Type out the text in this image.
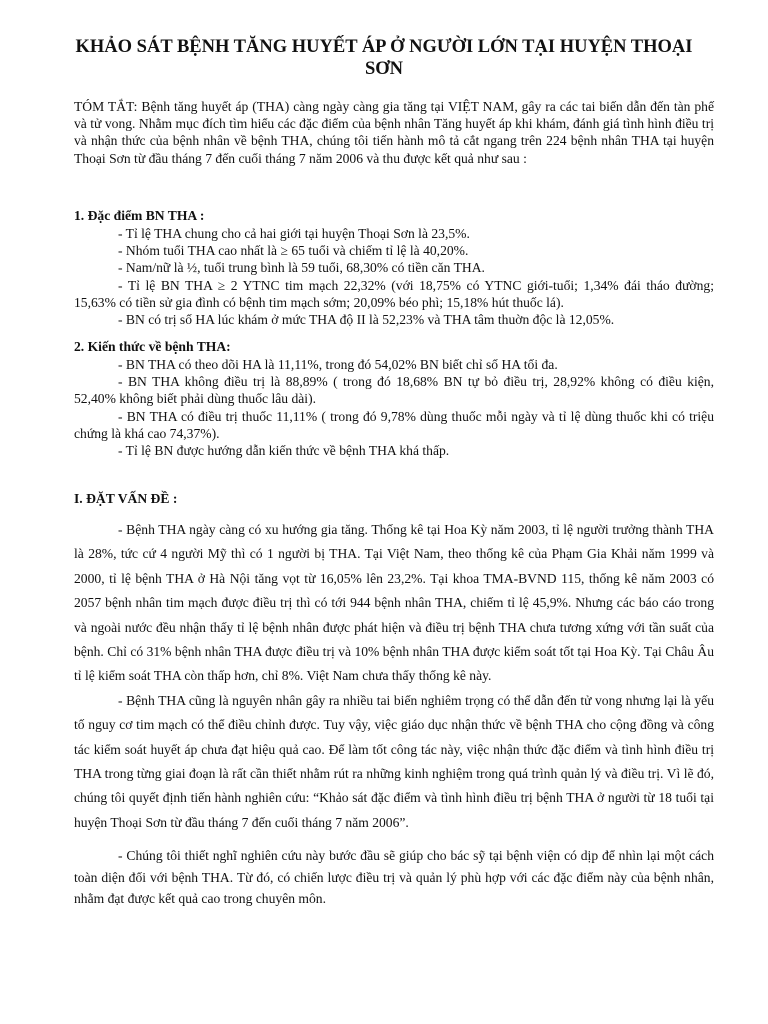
KHẢO SÁT BỆNH TĂNG HUYẾT ÁP Ở NGƯỜI LỚN TẠI HUYỆN THOẠI SƠN

TÓM TẮT: Bệnh tăng huyết áp (THA) càng ngày càng gia tăng tại VIỆT NAM, gây ra các tai biến dẫn đến tàn phế và tử vong. Nhằm mục đích tìm hiểu các đặc điểm của bệnh nhân Tăng huyết áp khi khám, đánh giá tình hình điều trị và nhận thức của bệnh nhân về bệnh THA, chúng tôi tiến hành mô tả cắt ngang trên 224 bệnh nhân THA tại huyện Thoại Sơn từ đầu tháng 7 đến cuối tháng 7 năm 2006 và thu được kết quả như sau :

1. Đặc điểm BN THA :

- Tỉ lệ THA chung cho cả hai giới tại huyện Thoại Sơn là 23,5%.

- Nhóm tuổi THA cao nhất là ≥ 65 tuổi và chiếm tỉ lệ là 40,20%.

- Nam/nữ là ½, tuổi trung bình là 59 tuổi, 68,30% có tiền căn THA.

- Tỉ lệ BN THA ≥ 2 YTNC tim mạch 22,32% (với 18,75% có YTNC giới-tuổi; 1,34% đái tháo đường; 15,63% có tiền sử gia đình có bệnh tim mạch sớm; 20,09% béo phì; 15,18% hút thuốc lá).

- BN có trị số HA lúc khám ở mức THA độ II là 52,23% và THA tâm thuờn độc là 12,05%.

2. Kiến thức về bệnh THA:

- BN THA có theo dõi HA là 11,11%, trong đó 54,02% BN biết chỉ số HA tối đa.

- BN THA không điều trị là 88,89% ( trong đó 18,68% BN tự bỏ điều trị, 28,92% không có điều kiện, 52,40% không biết phải dùng thuốc lâu dài).

- BN THA có điều trị thuốc 11,11% ( trong đó 9,78% dùng thuốc mỗi ngày và tỉ lệ dùng thuốc khi có triệu chứng là khá cao 74,37%).

- Tỉ lệ BN được hướng dẫn kiến thức về bệnh THA khá thấp.

I. ĐẶT VẤN ĐỀ :

- Bệnh THA ngày càng có xu hướng gia tăng. Thống kê tại Hoa Kỳ năm 2003, tỉ lệ người trưởng thành THA là 28%, tức cứ 4 người Mỹ thì có 1 người bị THA. Tại Việt Nam, theo thống kê của Phạm Gia Khải năm 1999 và 2000, tỉ lệ bệnh THA ở Hà Nội tăng vọt từ 16,05% lên 23,2%. Tại khoa TMA-BVND 115, thống kê năm 2003 có 2057 bệnh nhân tim mạch được điều trị thì có tới 944 bệnh nhân THA, chiếm tỉ lệ 45,9%. Nhưng các báo cáo trong và ngoài nước đều nhận thấy tỉ lệ bệnh nhân được phát hiện và điều trị bệnh THA chưa tương xứng với tần suất của bệnh. Chỉ có 31% bệnh nhân THA được điều trị và 10% bệnh nhân THA được kiểm soát tốt tại Hoa Kỳ. Tại Châu Âu tỉ lệ kiểm soát THA còn thấp hơn, chỉ 8%. Việt Nam chưa thấy thống kê này.

- Bệnh THA cũng là nguyên nhân gây ra nhiều tai biến nghiêm trọng có thể dẫn đến tử vong nhưng lại là yếu tố nguy cơ tim mạch có thể điều chỉnh được. Tuy vậy, việc giáo dục nhận thức về bệnh THA cho cộng đồng và công tác kiểm soát huyết áp chưa đạt hiệu quả cao. Để làm tốt công tác này, việc nhận thức đặc điểm và tình hình điều trị THA trong từng giai đoạn là rất cần thiết nhằm rút ra những kinh nghiệm trong quá trình quản lý và điều trị. Vì lẽ đó, chúng tôi quyết định tiến hành nghiên cứu: “Khảo sát đặc điểm và tình hình điều trị bệnh THA ở người từ 18 tuổi tại huyện Thoại Sơn từ đầu tháng 7 đến cuối tháng 7 năm 2006”.

- Chúng tôi thiết nghĩ nghiên cứu này bước đầu sẽ giúp cho bác sỹ tại bệnh viện có dịp để nhìn lại một cách toàn diện đối với bệnh THA. Từ đó, có chiến lược điều trị và quản lý phù hợp với các đặc điểm này của bệnh nhân, nhằm đạt được kết quả cao trong chuyên môn.
